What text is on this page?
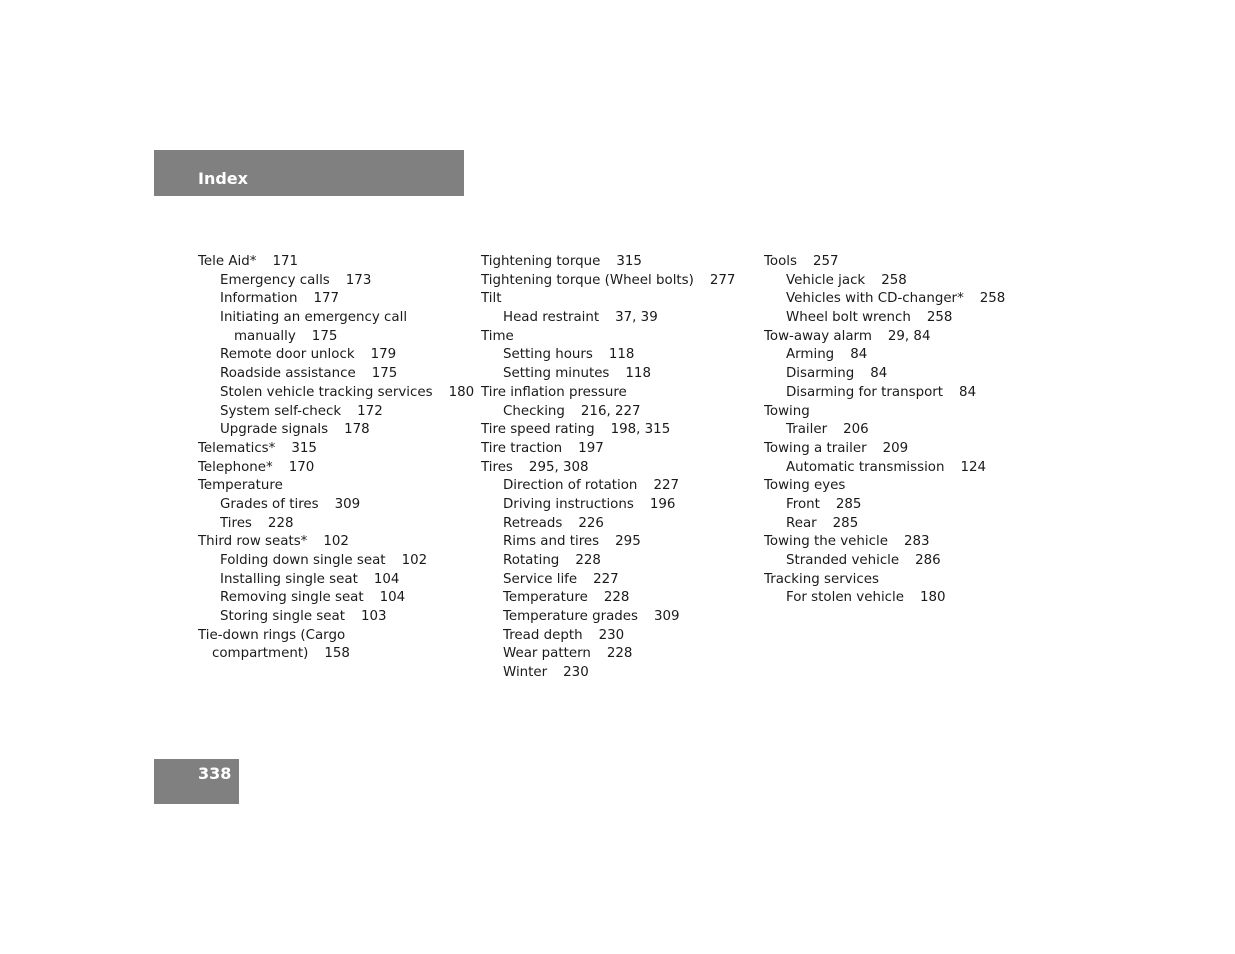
Index
Tele Aid* 171
Emergency calls 173
Information 177
Initiating an emergency call
manually 175
Remote door unlock 179
Roadside assistance 175
Stolen vehicle tracking services 180
System self-check 172
Upgrade signals 178
Telematics* 315
Telephone* 170
Temperature
Grades of tires 309
Tires 228
Third row seats* 102
Folding down single seat 102
Installing single seat 104
Removing single seat 104
Storing single seat 103
Tie-down rings (Cargo
compartment) 158
Tightening torque 315
Tightening torque (Wheel bolts) 277
Tilt
Head restraint 37, 39
Time
Setting hours 118
Setting minutes 118
Tire inflation pressure
Checking 216, 227
Tire speed rating 198, 315
Tire traction 197
Tires 295, 308
Direction of rotation 227
Driving instructions 196
Retreads 226
Rims and tires 295
Rotating 228
Service life 227
Temperature 228
Temperature grades 309
Tread depth 230
Wear pattern 228
Winter 230
Tools 257
Vehicle jack 258
Vehicles with CD-changer* 258
Wheel bolt wrench 258
Tow-away alarm 29, 84
Arming 84
Disarming 84
Disarming for transport 84
Towing
Trailer 206
Towing a trailer 209
Automatic transmission 124
Towing eyes
Front 285
Rear 285
Towing the vehicle 283
Stranded vehicle 286
Tracking services
For stolen vehicle 180
338
